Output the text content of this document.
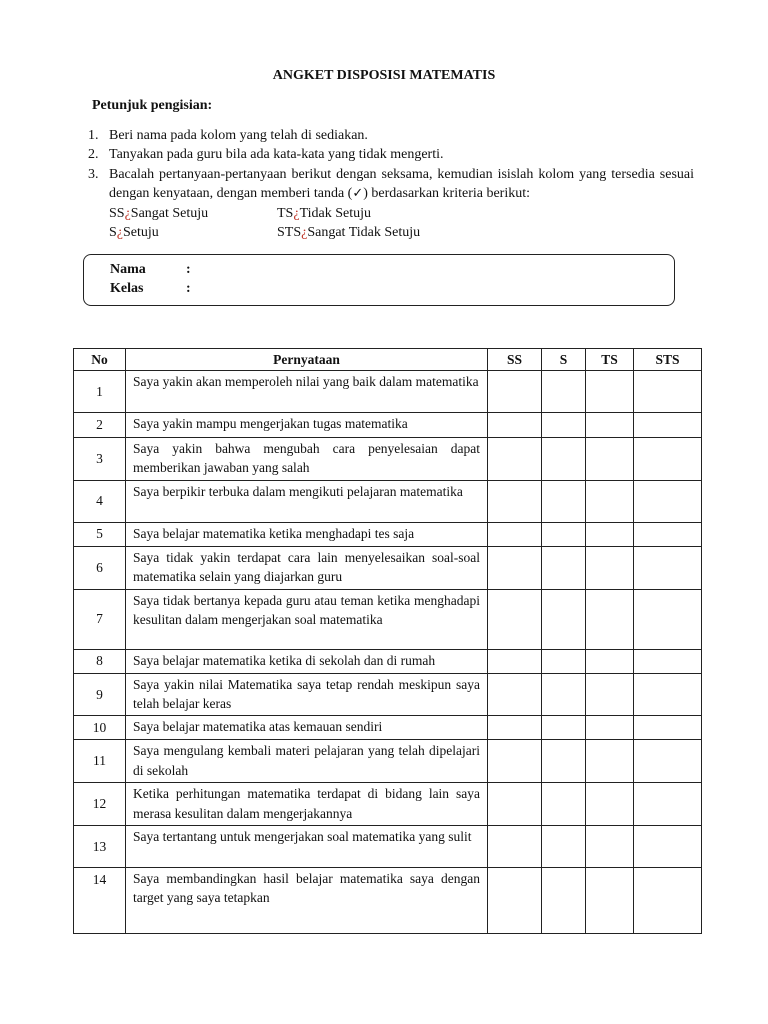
ANGKET DISPOSISI MATEMATIS
Petunjuk pengisian:
1. Beri nama pada kolom yang telah di sediakan.
2. Tanyakan pada guru bila ada kata-kata yang tidak mengerti.
3. Bacalah pertanyaan-pertanyaan berikut dengan seksama, kemudian isislah kolom yang tersedia sesuai dengan kenyataan, dengan memberi tanda (✓) berdasarkan kriteria berikut:
SS¿Sangat Setuju	TS¿Tidak Setuju
S¿Setuju	STS¿Sangat Tidak Setuju
Nama	:
Kelas	:
No	Pernyataan	SS	S	TS	STS
1	Saya yakin akan memperoleh nilai yang baik dalam matematika				
2	Saya yakin mampu mengerjakan tugas matematika				
3	Saya yakin bahwa mengubah cara penyelesaian dapat memberikan jawaban yang salah				
4	Saya berpikir terbuka dalam mengikuti pelajaran matematika				
5	Saya belajar matematika ketika menghadapi tes saja				
6	Saya tidak yakin terdapat cara lain menyelesaikan soal-soal matematika selain yang diajarkan guru				
7	Saya tidak bertanya kepada guru atau teman ketika menghadapi kesulitan dalam mengerjakan soal matematika				
8	Saya belajar matematika ketika di sekolah dan di rumah				
9	Saya yakin nilai Matematika saya tetap rendah meskipun saya telah belajar keras				
10	Saya belajar matematika atas kemauan sendiri				
11	Saya mengulang kembali materi pelajaran yang telah dipelajari di sekolah				
12	Ketika perhitungan matematika terdapat di bidang lain saya merasa kesulitan dalam mengerjakannya				
13	Saya tertantang untuk mengerjakan soal matematika yang sulit				
14	Saya membandingkan hasil belajar matematika saya dengan target yang saya tetapkan				
